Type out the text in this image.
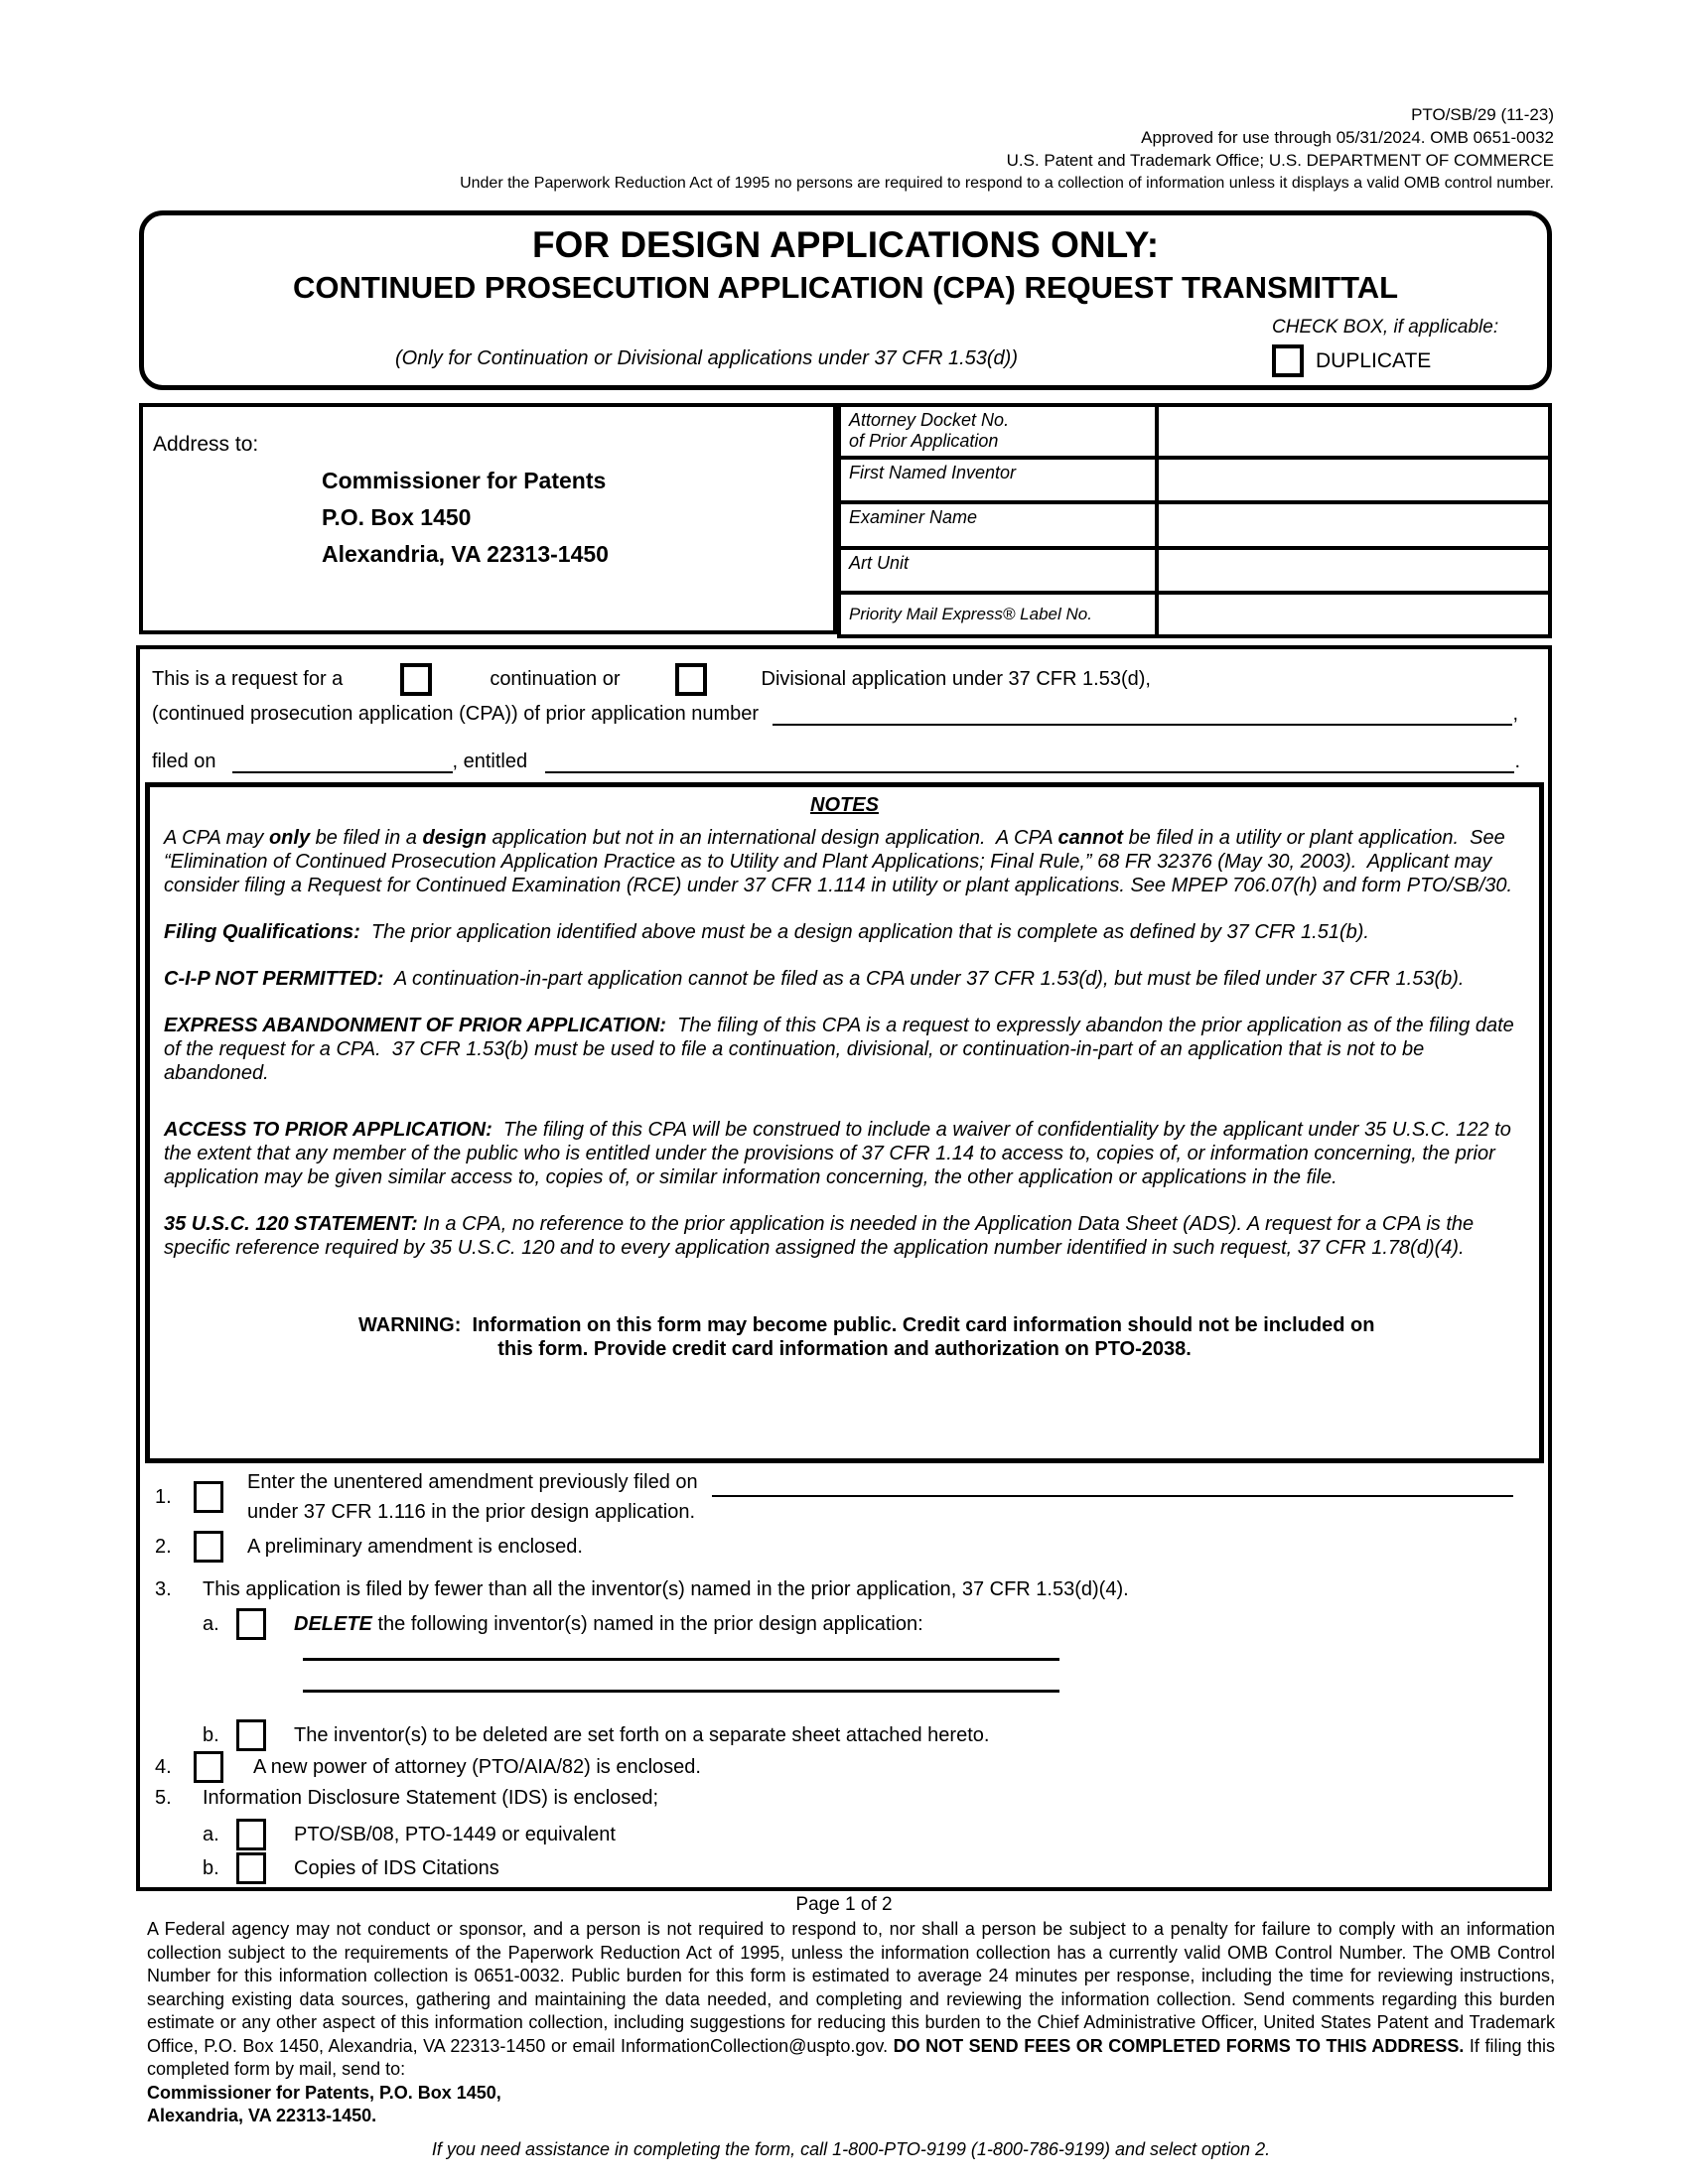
PTO/SB/29 (11-23)
Approved for use through 05/31/2024. OMB 0651-0032
U.S. Patent and Trademark Office; U.S. DEPARTMENT OF COMMERCE
Under the Paperwork Reduction Act of 1995 no persons are required to respond to a collection of information unless it displays a valid OMB control number.
FOR DESIGN APPLICATIONS ONLY:
CONTINUED PROSECUTION APPLICATION (CPA) REQUEST TRANSMITTAL
(Only for Continuation or Divisional applications under 37 CFR 1.53(d))
CHECK BOX, if applicable:
DUPLICATE
Address to:
Commissioner for Patents
P.O. Box 1450
Alexandria, VA 22313-1450
Attorney Docket No.
of Prior Application	

First Named Inventor	
Examiner Name	
Art Unit	
Priority Mail Express® Label No.	
This is a request for a	continuation or	Divisional application under 37 CFR 1.53(d),
(continued prosecution application (CPA)) of prior application number	,
filed on	, entitled	.
NOTES

A CPA may only be filed in a design application but not in an international design application.  A CPA cannot be filed in a utility or plant application.  See “Elimination of Continued Prosecution Application Practice as to Utility and Plant Applications; Final Rule,” 68 FR 32376 (May 30, 2003).  Applicant may consider filing a Request for Continued Examination (RCE) under 37 CFR 1.114 in utility or plant applications. See MPEP 706.07(h) and form PTO/SB/30.

Filing Qualifications:  The prior application identified above must be a design application that is complete as defined by 37 CFR 1.51(b).

C-I-P NOT PERMITTED:  A continuation-in-part application cannot be filed as a CPA under 37 CFR 1.53(d), but must be filed under 37 CFR 1.53(b).

EXPRESS ABANDONMENT OF PRIOR APPLICATION:  The filing of this CPA is a request to expressly abandon the prior application as of the filing date of the request for a CPA.  37 CFR 1.53(b) must be used to file a continuation, divisional, or continuation-in-part of an application that is not to be abandoned.

ACCESS TO PRIOR APPLICATION:  The filing of this CPA will be construed to include a waiver of confidentiality by the applicant under 35 U.S.C. 122 to the extent that any member of the public who is entitled under the provisions of 37 CFR 1.14 to access to, copies of, or information concerning, the prior application may be given similar access to, copies of, or similar information concerning, the other application or applications in the file.

35 U.S.C. 120 STATEMENT: In a CPA, no reference to the prior application is needed in the Application Data Sheet (ADS). A request for a CPA is the specific reference required by 35 U.S.C. 120 and to every application assigned the application number identified in such request, 37 CFR 1.78(d)(4).

WARNING:  Information on this form may become public. Credit card information should not be included on this form. Provide credit card information and authorization on PTO-2038.

1.
Enter the unentered amendment previously filed on
under 37 CFR 1.116 in the prior design application.
2.	A preliminary amendment is enclosed.
3.	This application is filed by fewer than all the inventor(s) named in the prior application, 37 CFR 1.53(d)(4).
a.	DELETE the following inventor(s) named in the prior design application:
b.	The inventor(s) to be deleted are set forth on a separate sheet attached hereto.
4.	A new power of attorney (PTO/AIA/82) is enclosed.
5.	Information Disclosure Statement (IDS) is enclosed;
a.	PTO/SB/08, PTO-1449 or equivalent
b.	Copies of IDS Citations
Page 1 of 2

A Federal agency may not conduct or sponsor, and a person is not required to respond to, nor shall a person be subject to a penalty for failure to comply with an information collection subject to the requirements of the Paperwork Reduction Act of 1995, unless the information collection has a currently valid OMB Control Number. The OMB Control Number for this information collection is 0651-0032. Public burden for this form is estimated to average 24 minutes per response, including the time for reviewing instructions, searching existing data sources, gathering and maintaining the data needed, and completing and reviewing the information collection. Send comments regarding this burden estimate or any other aspect of this information collection, including suggestions for reducing this burden to the Chief Administrative Officer, United States Patent and Trademark Office, P.O. Box 1450, Alexandria, VA 22313-1450 or email InformationCollection@uspto.gov. DO NOT SEND FEES OR COMPLETED FORMS TO THIS ADDRESS. If filing this completed form by mail, send to:

Commissioner for Patents, P.O. Box 1450,
Alexandria, VA 22313-1450.
If you need assistance in completing the form, call 1-800-PTO-9199 (1-800-786-9199) and select option 2.
